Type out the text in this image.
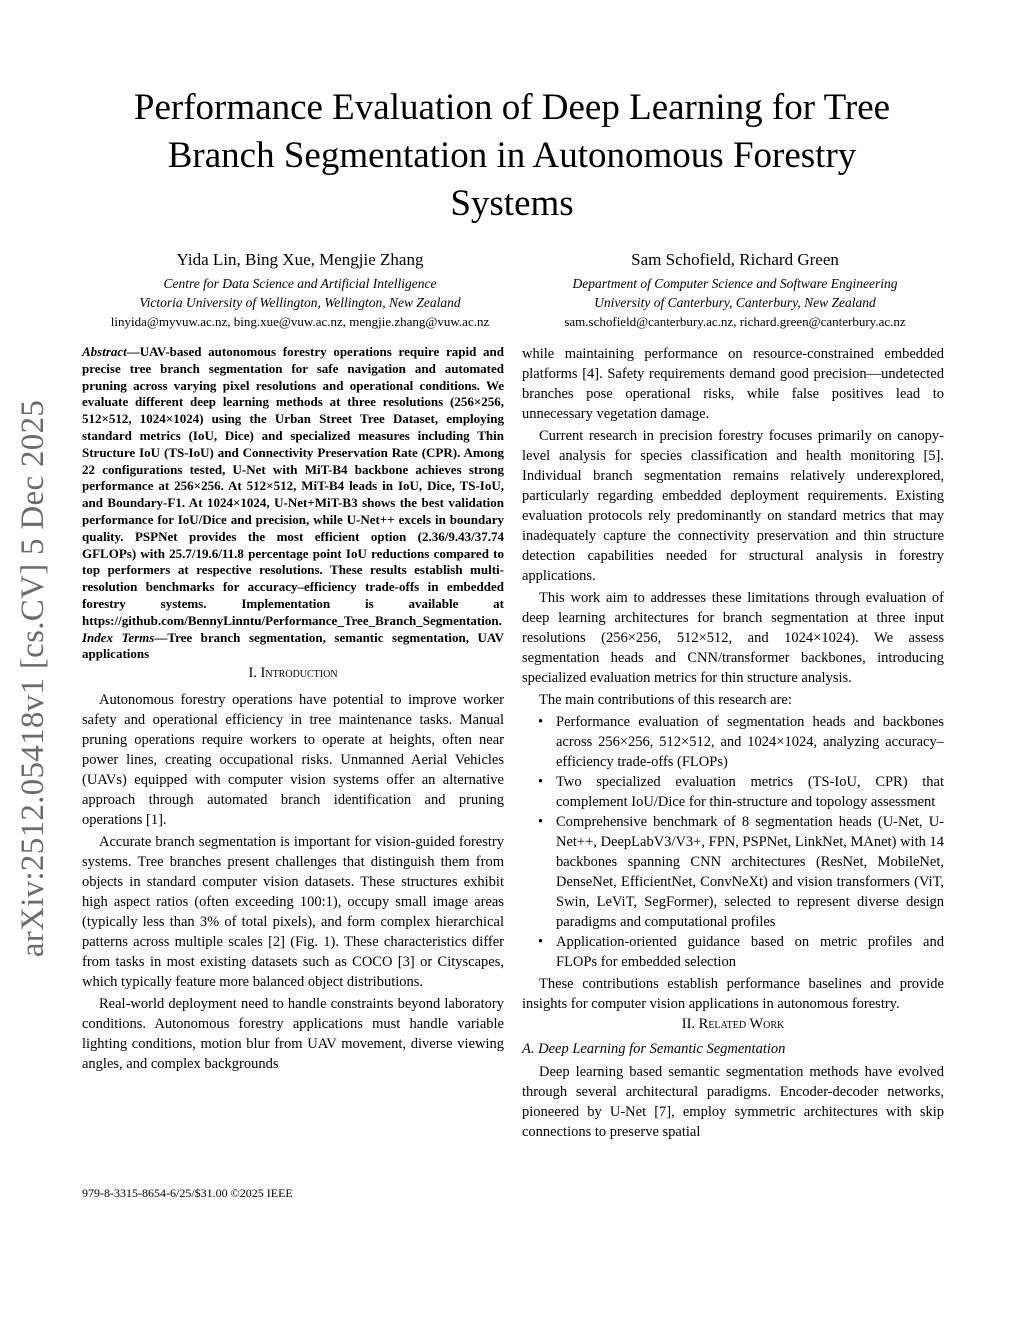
arXiv:2512.05418v1 [cs.CV] 5 Dec 2025
Performance Evaluation of Deep Learning for Tree
Branch Segmentation in Autonomous Forestry
Systems
Yida Lin, Bing Xue, Mengjie Zhang
Centre for Data Science and Artificial Intelligence
Victoria University of Wellington, Wellington, New Zealand
linyida@myvuw.ac.nz, bing.xue@vuw.ac.nz, mengjie.zhang@vuw.ac.nz
Sam Schofield, Richard Green
Department of Computer Science and Software Engineering
University of Canterbury, Canterbury, New Zealand
sam.schofield@canterbury.ac.nz, richard.green@canterbury.ac.nz

Abstract—UAV-based autonomous forestry operations require rapid and precise tree branch segmentation for safe navigation and automated pruning across varying pixel resolutions and operational conditions. We evaluate different deep learning methods at three resolutions (256×256, 512×512, 1024×1024) using the Urban Street Tree Dataset, employing standard metrics (IoU, Dice) and specialized measures including Thin Structure IoU (TS-IoU) and Connectivity Preservation Rate (CPR). Among 22 configurations tested, U-Net with MiT-B4 backbone achieves strong performance at 256×256. At 512×512, MiT-B4 leads in IoU, Dice, TS-IoU, and Boundary-F1. At 1024×1024, U-Net+MiT-B3 shows the best validation performance for IoU/Dice and precision, while U-Net++ excels in boundary quality. PSPNet provides the most efficient option (2.36/9.43/37.74 GFLOPs) with 25.7/19.6/11.8 percentage point IoU reductions compared to top performers at respective resolutions. These results establish multi-resolution benchmarks for accuracy–efficiency trade-offs in embedded forestry systems. Implementation is available at https://github.com/BennyLinntu/Performance_Tree_Branch_Segmentation.

Index Terms—Tree branch segmentation, semantic segmentation, UAV applications

I. Introduction

Autonomous forestry operations have potential to improve worker safety and operational efficiency in tree maintenance tasks. Manual pruning operations require workers to operate at heights, often near power lines, creating occupational risks. Unmanned Aerial Vehicles (UAVs) equipped with computer vision systems offer an alternative approach through automated branch identification and pruning operations [1].

Accurate branch segmentation is important for vision-guided forestry systems. Tree branches present challenges that distinguish them from objects in standard computer vision datasets. These structures exhibit high aspect ratios (often exceeding 100:1), occupy small image areas (typically less than 3% of total pixels), and form complex hierarchical patterns across multiple scales [2] (Fig. 1). These characteristics differ from tasks in most existing datasets such as COCO [3] or Cityscapes, which typically feature more balanced object distributions.

Real-world deployment need to handle constraints beyond laboratory conditions. Autonomous forestry applications must handle variable lighting conditions, motion blur from UAV movement, diverse viewing angles, and complex backgrounds

while maintaining performance on resource-constrained embedded platforms [4]. Safety requirements demand good precision—undetected branches pose operational risks, while false positives lead to unnecessary vegetation damage.

Current research in precision forestry focuses primarily on canopy-level analysis for species classification and health monitoring [5]. Individual branch segmentation remains relatively underexplored, particularly regarding embedded deployment requirements. Existing evaluation protocols rely predominantly on standard metrics that may inadequately capture the connectivity preservation and thin structure detection capabilities needed for structural analysis in forestry applications.

This work aim to addresses these limitations through evaluation of deep learning architectures for branch segmentation at three input resolutions (256×256, 512×512, and 1024×1024). We assess segmentation heads and CNN/transformer backbones, introducing specialized evaluation metrics for thin structure analysis.

The main contributions of this research are:

• Performance evaluation of segmentation heads and backbones across 256×256, 512×512, and 1024×1024, analyzing accuracy–efficiency trade-offs (FLOPs)
• Two specialized evaluation metrics (TS-IoU, CPR) that complement IoU/Dice for thin-structure and topology assessment
• Comprehensive benchmark of 8 segmentation heads (U-Net, U-Net++, DeepLabV3/V3+, FPN, PSPNet, LinkNet, MAnet) with 14 backbones spanning CNN architectures (ResNet, MobileNet, DenseNet, EfficientNet, ConvNeXt) and vision transformers (ViT, Swin, LeViT, SegFormer), selected to represent diverse design paradigms and computational profiles
• Application-oriented guidance based on metric profiles and FLOPs for embedded selection

These contributions establish performance baselines and provide insights for computer vision applications in autonomous forestry.

II. Related Work
A. Deep Learning for Semantic Segmentation

Deep learning based semantic segmentation methods have evolved through several architectural paradigms. Encoder-decoder networks, pioneered by U-Net [7], employ symmetric architectures with skip connections to preserve spatial

979-8-3315-8654-6/25/$31.00 ©2025 IEEE
